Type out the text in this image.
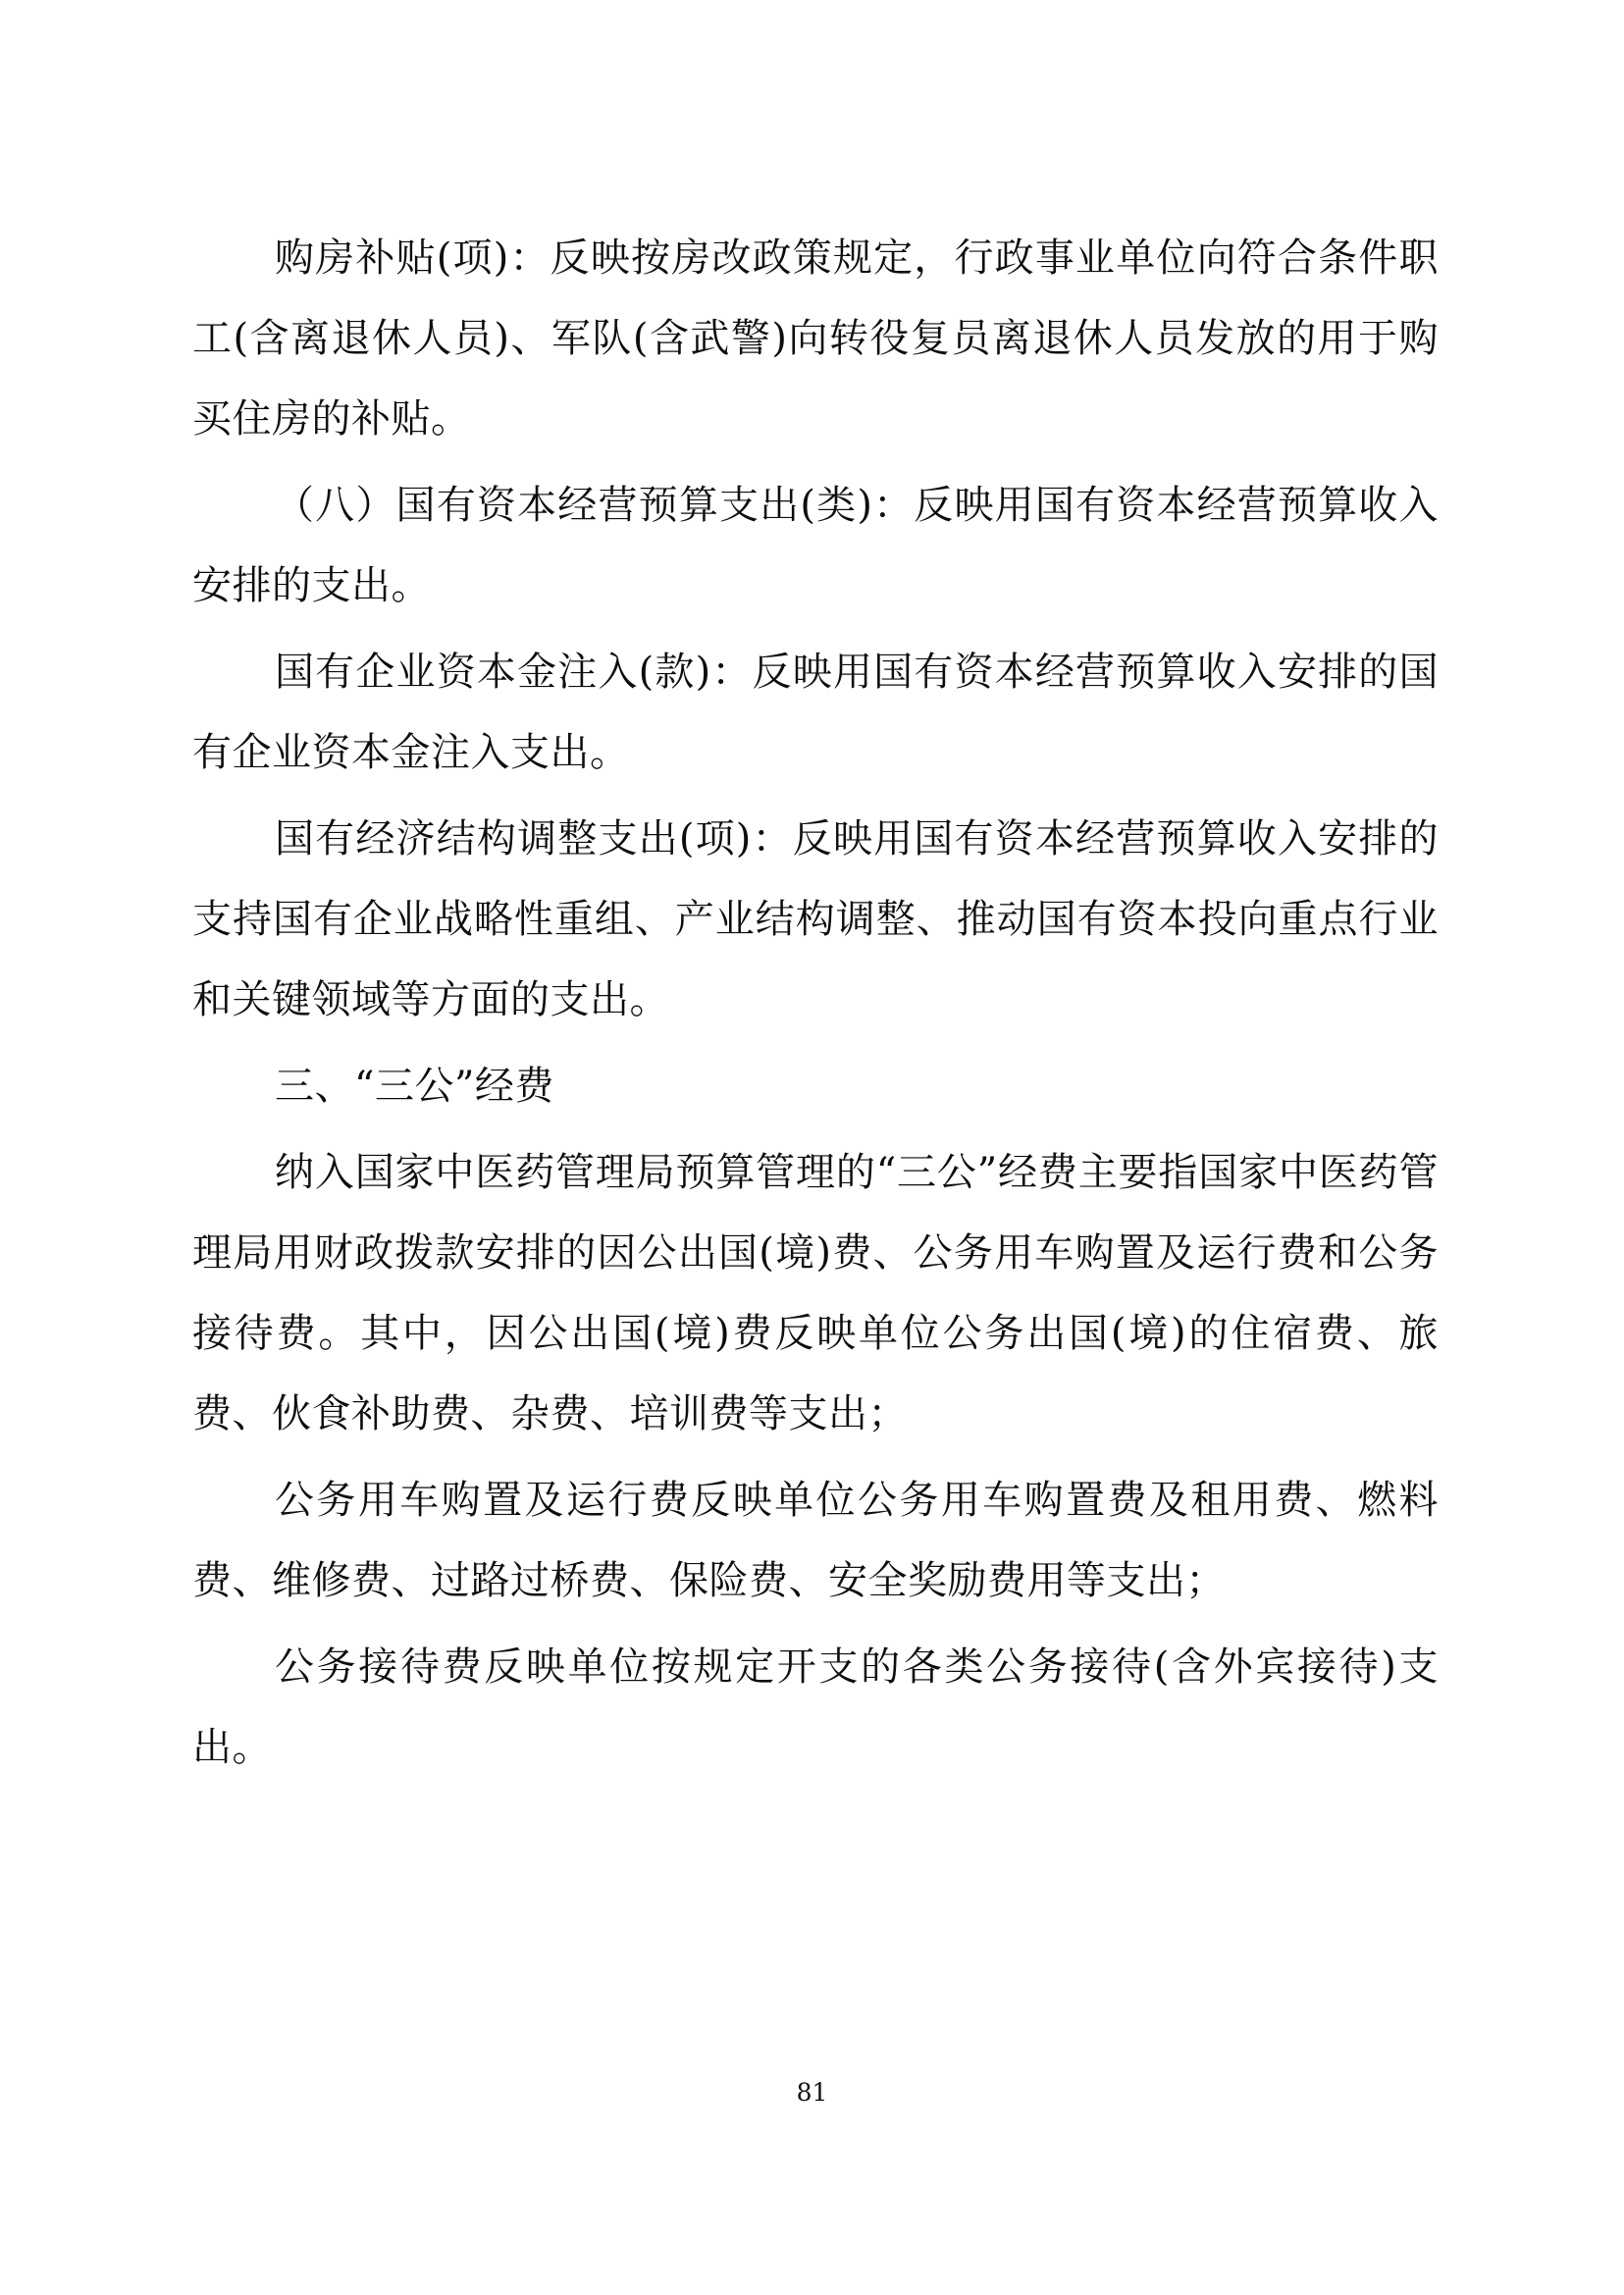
购房补贴(项)：反映按房改政策规定，行政事业单位向符合条件职工(含离退休人员)、军队(含武警)向转役复员离退休人员发放的用于购买住房的补贴。

（八）国有资本经营预算支出(类)：反映用国有资本经营预算收入安排的支出。

国有企业资本金注入(款)：反映用国有资本经营预算收入安排的国有企业资本金注入支出。

国有经济结构调整支出(项)：反映用国有资本经营预算收入安排的支持国有企业战略性重组、产业结构调整、推动国有资本投向重点行业和关键领域等方面的支出。

三、“三公”经费

纳入国家中医药管理局预算管理的“三公”经费主要指国家中医药管理局用财政拨款安排的因公出国(境)费、公务用车购置及运行费和公务接待费。其中，因公出国(境)费反映单位公务出国(境)的住宿费、旅费、伙食补助费、杂费、培训费等支出；

公务用车购置及运行费反映单位公务用车购置费及租用费、燃料费、维修费、过路过桥费、保险费、安全奖励费用等支出；

公务接待费反映单位按规定开支的各类公务接待(含外宾接待)支出。

81
